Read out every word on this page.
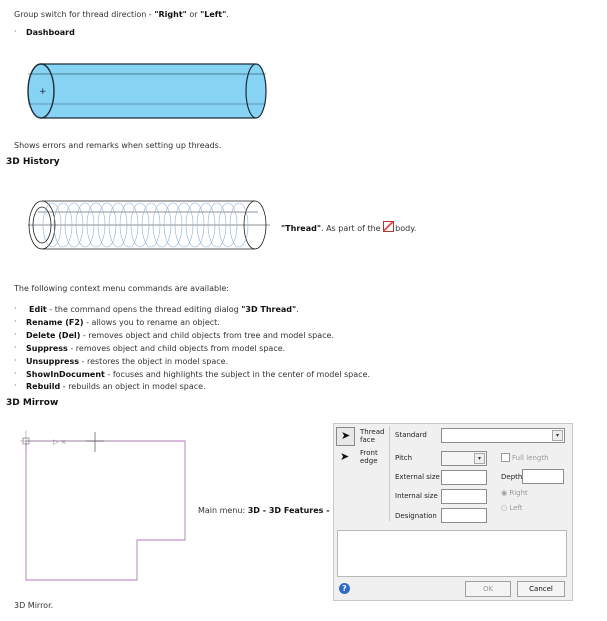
Group switch for thread direction - "Right" or "Left".
· Dashboard
+
Shows errors and remarks when setting up threads.
3D History
"Thread". As part of the body.
The following context menu commands are available:
· Edit - the command opens the thread editing dialog "3D Thread".
· Rename (F2) - allows you to rename an object.
· Delete (Del) - removes object and child objects from tree and model space.
· Suppress - removes object and child objects from model space.
· Unsuppress - restores the object in model space.
· ShowInDocument - focuses and highlights the subject in the center of model space.
· Rebuild - rebuilds an object in model space.
3D Mirrow
▷ ×
Main menu: 3D - 3D Features -
➤ Thread face
➤ Front edge
Standard	▾
Pitch	▾	Full length
External size	Depth
Internal size	◉ Right
○ Left
Designation
?	OK	Cancel
3D Mirror.
